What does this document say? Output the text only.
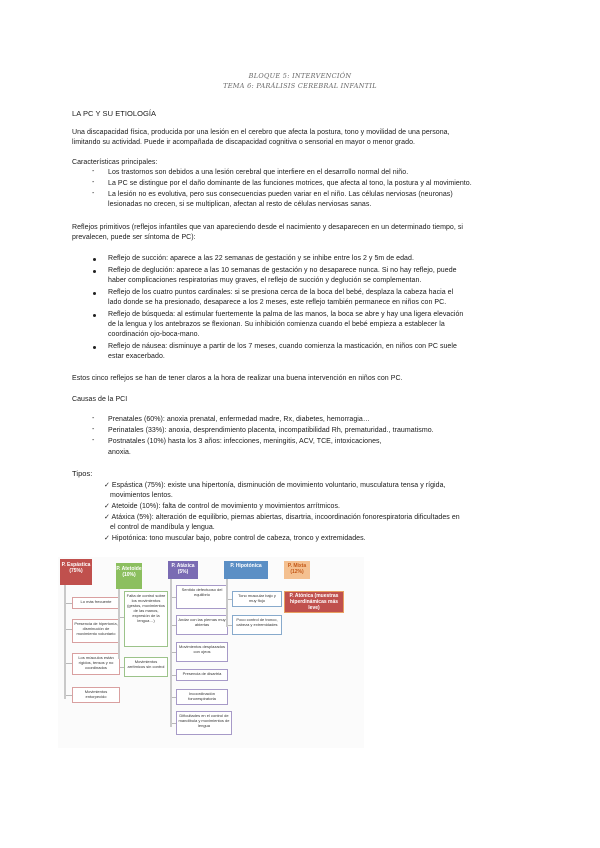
BLOQUE 5: INTERVENCIÓN
TEMA 6: PARÁLISIS CEREBRAL INFANTIL
LA PC Y SU ETIOLOGÍA
Una discapacidad física, producida por una lesión en el cerebro que afecta la postura, tono y movilidad de una persona,
limitando su actividad. Puede ir acompañada de discapacidad cognitiva o sensorial en mayor o menor grado.
Características principales:
- Los trastornos son debidos a una lesión cerebral que interfiere en el desarrollo normal del niño.
- La PC se distingue por el daño dominante de las funciones motrices, que afecta al tono, la postura y al movimiento.
- La lesión no es evolutiva, pero sus consecuencias pueden variar en el niño. Las células nerviosas (neuronas)
lesionadas no crecen, si se multiplican, afectan al resto de células nerviosas sanas.
Reflejos primitivos (reflejos infantiles que van apareciendo desde el nacimiento y desaparecen en un determinado tiempo, si
prevalecen, puede ser síntoma de PC):
Reflejo de succión: aparece a las 22 semanas de gestación y se inhibe entre los 2 y 5m de edad.
Reflejo de deglución: aparece a las 10 semanas de gestación y no desaparece nunca. Si no hay reflejo, puede
haber complicaciones respiratorias muy graves, el reflejo de succión y deglución se complementan.
Reflejo de los cuatro puntos cardinales: si se presiona cerca de la boca del bebé, desplaza la cabeza hacia el
lado donde se ha presionado, desaparece a los 2 meses, este reflejo también permanece en niños con PC.
Reflejo de búsqueda: al estimular fuertemente la palma de las manos, la boca se abre y hay una ligera elevación
de la lengua y los antebrazos se flexionan. Su inhibición comienza cuando el bebé empieza a establecer la
coordinación ojo-boca-mano.
Reflejo de náusea: disminuye a partir de los 7 meses, cuando comienza la masticación, en niños con PC suele
estar exacerbado.
Estos cinco reflejos se han de tener claros a la hora de realizar una buena intervención en niños con PC.
Causas de la PCI
- Prenatales (60%): anoxia prenatal, enfermedad madre, Rx, diabetes, hemorragia…
- Perinatales (33%): anoxia, desprendimiento placenta, incompatibilidad Rh, prematuridad., traumatismo.
- Postnatales (10%) hasta los 3 años: infecciones, meningitis, ACV, TCE, intoxicaciones,
anoxia.
Tipos:
✓ Espástica (75%): existe una hipertonía, disminución de movimiento voluntario, musculatura tensa y rígida,
movimientos lentos.
✓ Atetoide (10%): falta de control de movimiento y movimientos arrítmicos.
✓ Atáxica (5%): alteración de equilibrio, piernas abiertas, disartria, incoordinación fonorespiratoria dificultades en
el control de mandíbula y lengua.
✓ Hipotónica: tono muscular bajo, pobre control de cabeza, tronco y extremidades.
P. Espástica (75%)
Lo más frecuente
Presencia de hipertonía, disminución de movimiento voluntario
Los músculos están rígidos, tensos y no coordinados
Movimientos entorpecido
P. Atetoide (10%)
Falta de control sobre los movimientos (gestos, movimientos de las manos, expresión de la lengua…)
Movimientos arrítmicos sin control
P. Atáxica (5%)
Sentido defectuoso del equilibrio
Andar con las piernas muy abiertas
Movimientos desplazados con ojeos
Presencia de disartria
Incoordinación fonorespiratoria
Dificultades en el control de mandíbula y movimientos de lengua
P. Hipotónica
Tono muscular bajo y muy flojo
Poco control de tronco, cabeza y extremidades
P. Mixta (12%)
P. Atónica (muestras hiperdinámicas más leve)
